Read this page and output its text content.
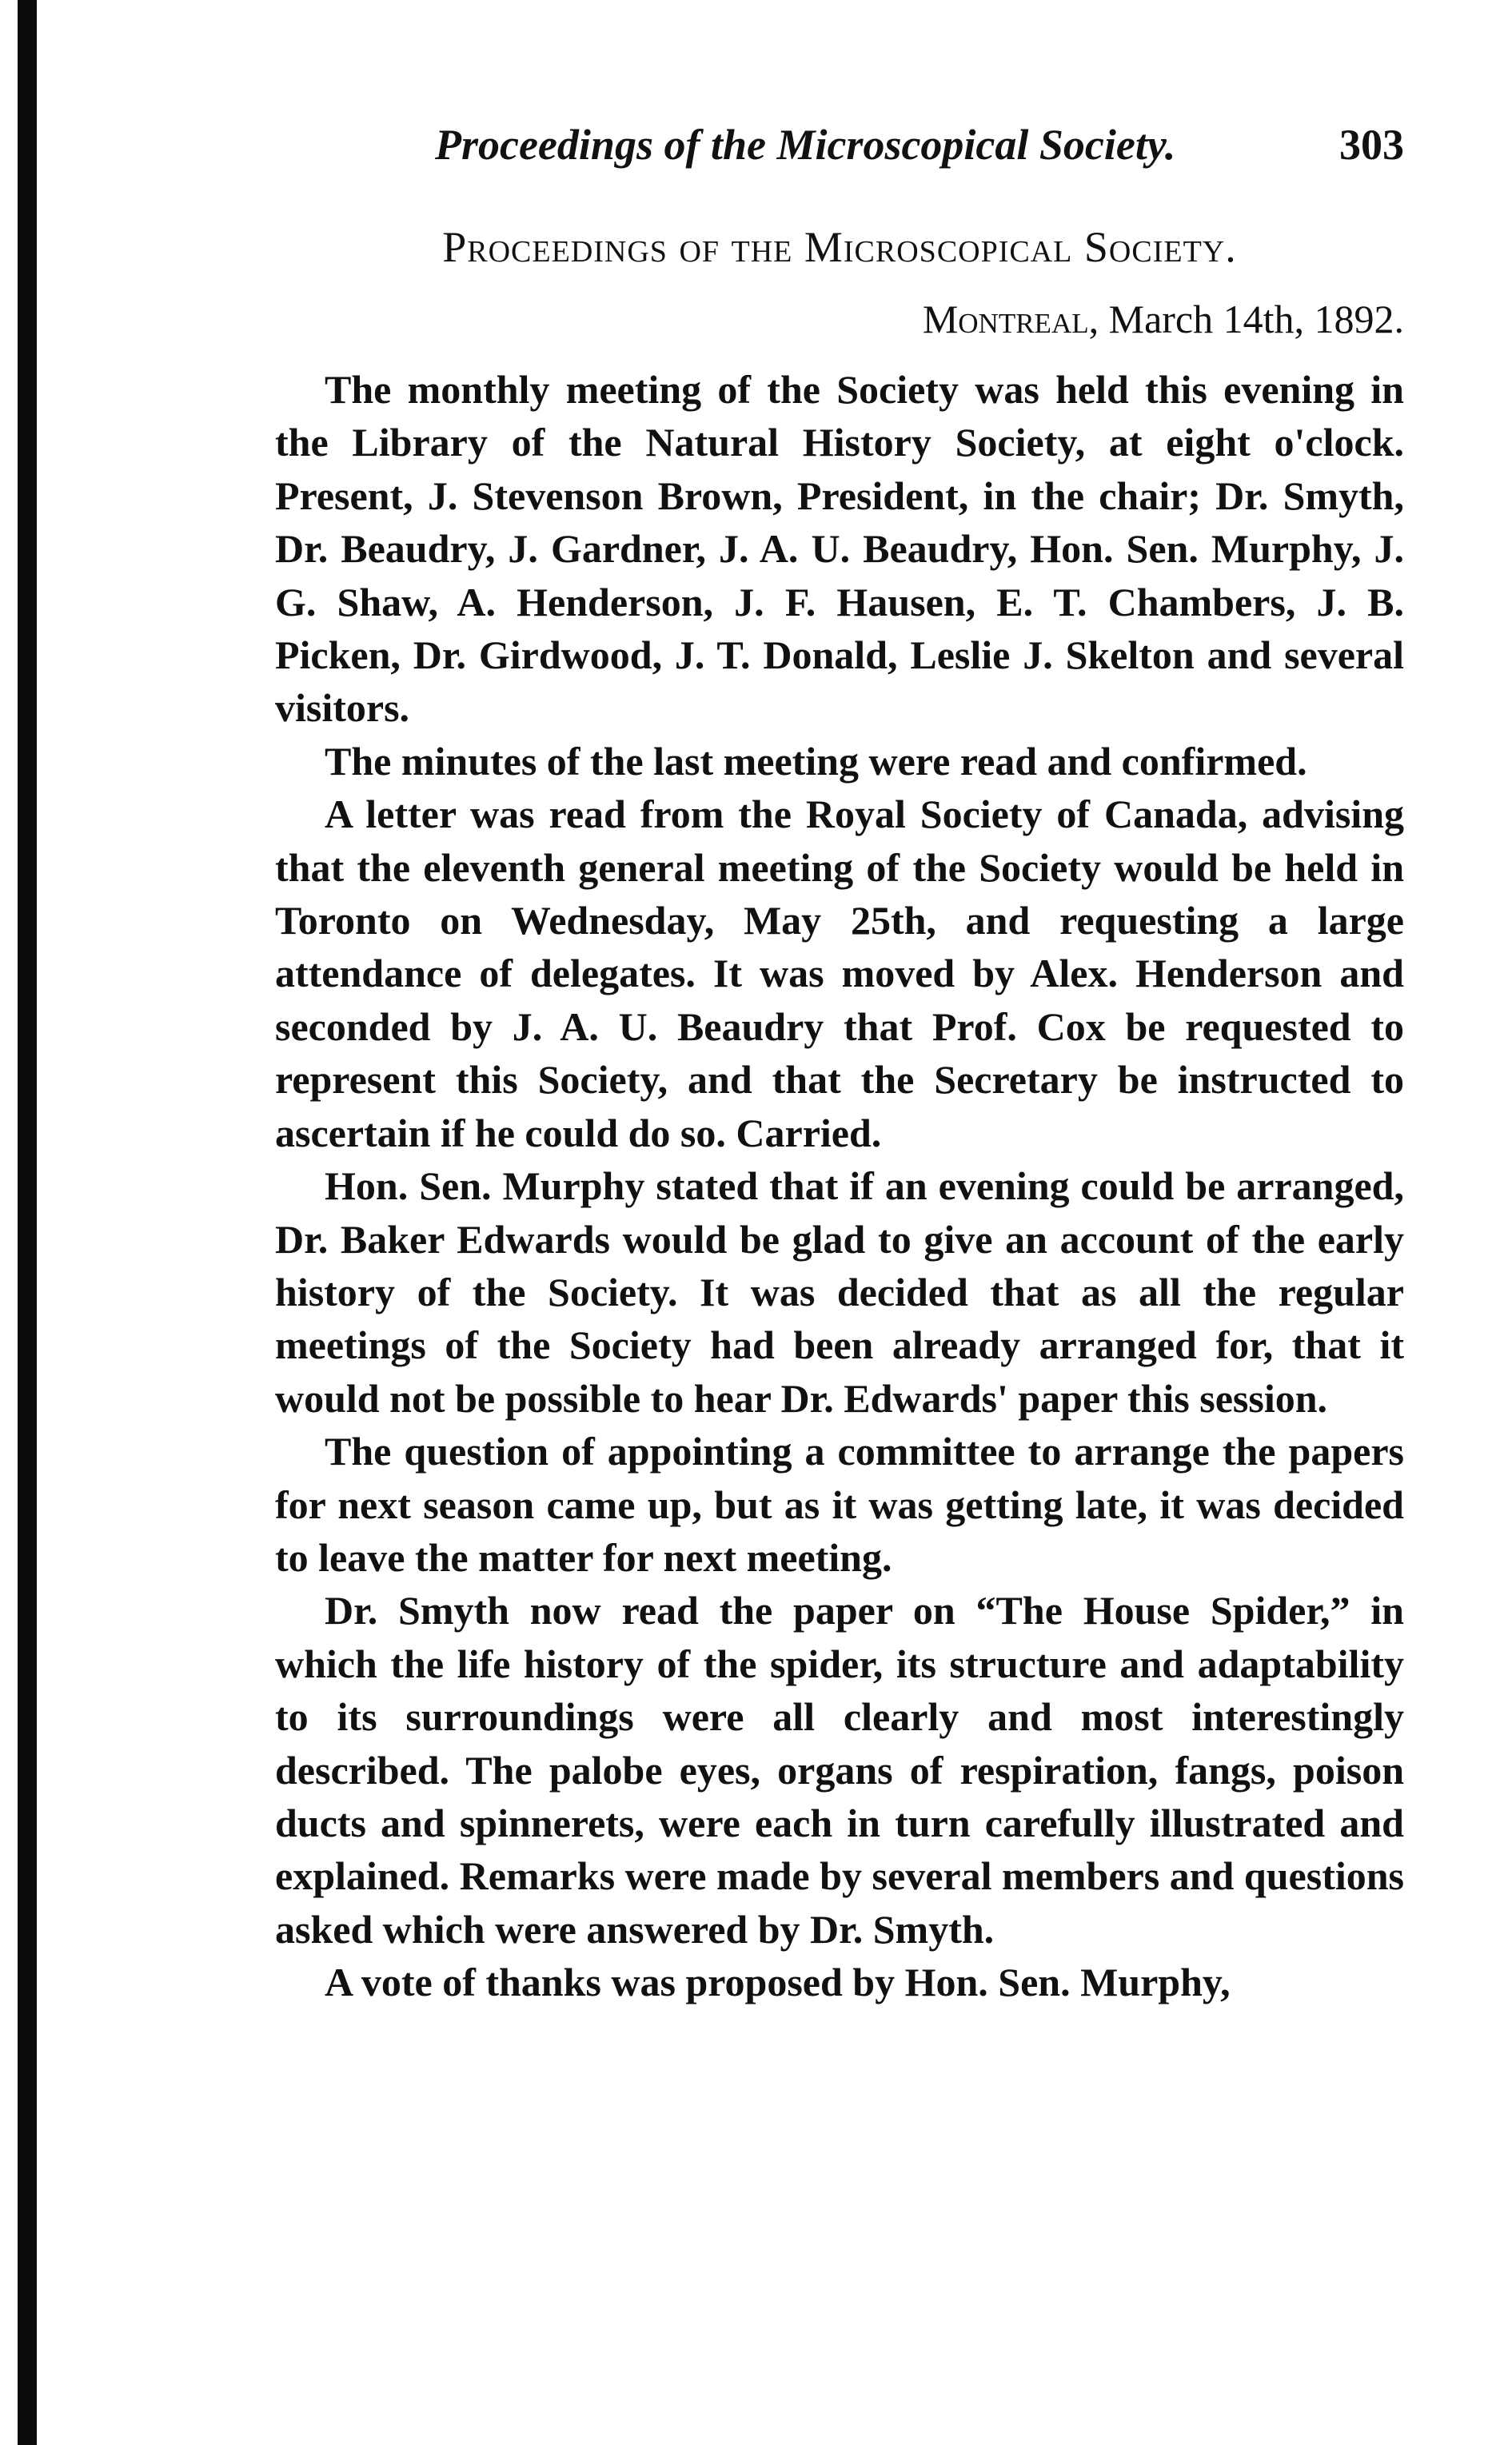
Proceedings of the Microscopical Society.	303
Proceedings of the Microscopical Society.
Montreal, March 14th, 1892.

The monthly meeting of the Society was held this evening in the Library of the Natural History Society, at eight o'clock. Present, J. Stevenson Brown, President, in the chair; Dr. Smyth, Dr. Beaudry, J. Gardner, J. A. U. Beaudry, Hon. Sen. Murphy, J. G. Shaw, A. Henderson, J. F. Hausen, E. T. Chambers, J. B. Picken, Dr. Girdwood, J. T. Donald, Leslie J. Skelton and several visitors.

The minutes of the last meeting were read and confirmed.

A letter was read from the Royal Society of Canada, advising that the eleventh general meeting of the Society would be held in Toronto on Wednesday, May 25th, and requesting a large attendance of delegates. It was moved by Alex. Henderson and seconded by J. A. U. Beaudry that Prof. Cox be requested to represent this Society, and that the Secretary be instructed to ascertain if he could do so. Carried.

Hon. Sen. Murphy stated that if an evening could be arranged, Dr. Baker Edwards would be glad to give an account of the early history of the Society. It was decided that as all the regular meetings of the Society had been already arranged for, that it would not be possible to hear Dr. Edwards' paper this session.

The question of appointing a committee to arrange the papers for next season came up, but as it was getting late, it was decided to leave the matter for next meeting.

Dr. Smyth now read the paper on “The House Spider,” in which the life history of the spider, its structure and adaptability to its surroundings were all clearly and most interestingly described. The palobe eyes, organs of respiration, fangs, poison ducts and spinnerets, were each in turn carefully illustrated and explained. Remarks were made by several members and questions asked which were answered by Dr. Smyth.

A vote of thanks was proposed by Hon. Sen. Murphy,
